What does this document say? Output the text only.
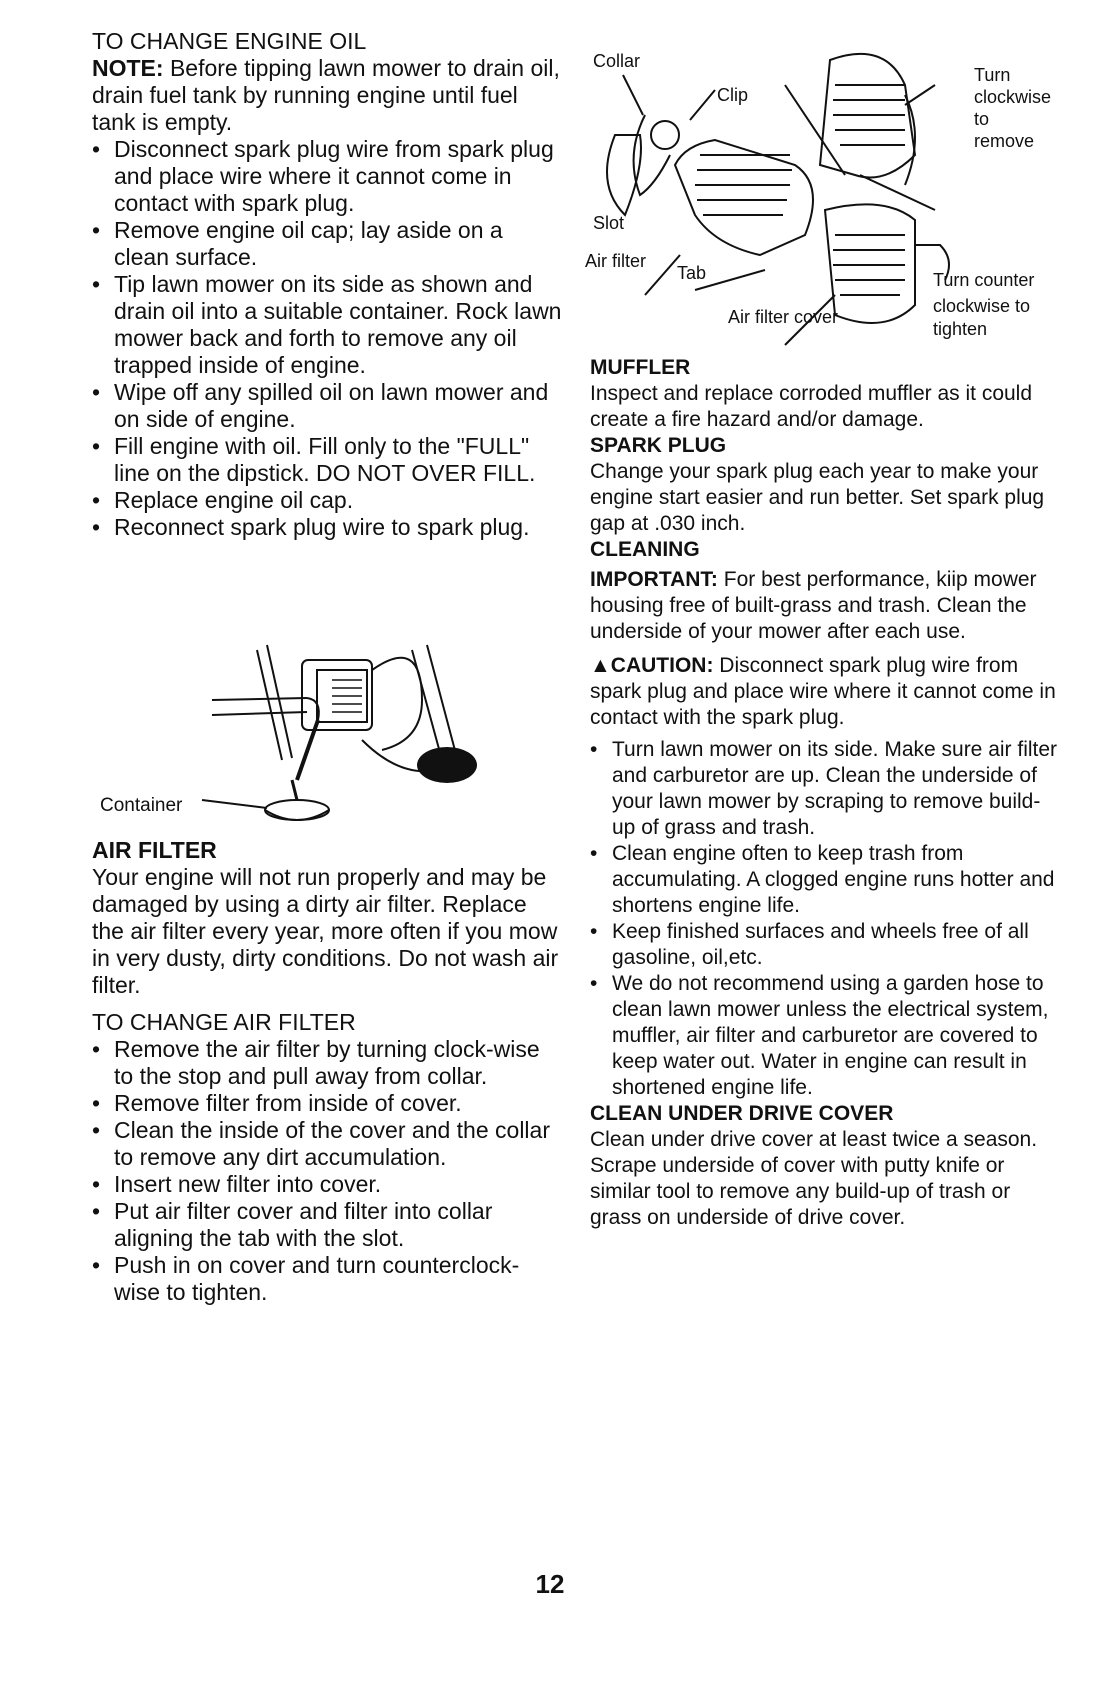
TO CHANGE ENGINE OIL

NOTE: Before tipping lawn mower to drain oil, drain fuel tank by running engine until fuel tank is empty.

• Disconnect spark plug wire from spark plug and place wire where it cannot come in contact with spark plug.
• Remove engine oil cap; lay aside on a clean surface.
• Tip lawn mower on its side as shown and drain oil into a suitable container. Rock lawn mower back and forth to remove any oil trapped inside of engine.
• Wipe off any spilled oil on lawn mower and on side of engine.
• Fill engine with oil. Fill only to the "FULL" line on the dipstick. DO NOT OVER FILL.
• Replace engine oil cap.
• Reconnect spark plug wire to spark plug.
Container

AIR FILTER

Your engine will not run properly and may be damaged by using a dirty air filter. Replace the air filter every year, more often if you mow in very dusty, dirty conditions. Do not wash air filter.

TO CHANGE AIR FILTER

• Remove the air filter by turning clock-wise to the stop and pull away from collar.
• Remove filter from inside of cover.
• Clean the inside of the cover and the collar to remove any dirt accumulation.
• Insert new filter into cover.
• Put air filter cover and filter into collar aligning the tab with the slot.
• Push in on cover and turn counterclock-wise to tighten.
Collar
Clip
Slot
Air filter
Tab
Air filter cover
Turn
clockwise
to
remove
Turn counter
clockwise to
tighten

MUFFLER

Inspect and replace corroded muffler as it could create a fire hazard and/or damage.

SPARK PLUG

Change your spark plug each year to make your engine start easier and run better. Set spark plug gap at .030 inch.

CLEANING

IMPORTANT: For best performance, kiip mower housing free of built-grass and trash. Clean the underside of your mower after each use.

▲CAUTION: Disconnect spark plug wire from spark plug and place wire where it cannot come in contact with the spark plug.

• Turn lawn mower on its side. Make sure air filter and carburetor are up. Clean the underside of your lawn mower by scraping to remove build-up of grass and trash.
• Clean engine often to keep trash from accumulating. A clogged engine runs hotter and shortens engine life.
• Keep finished surfaces and wheels free of all gasoline, oil,etc.
• We do not recommend using a garden hose to clean lawn mower unless the electrical system, muffler, air filter and carburetor are covered to keep water out. Water in engine can result in shortened engine life.

CLEAN UNDER DRIVE COVER

Clean under drive cover at least twice a season. Scrape underside of cover with putty knife or similar tool to remove any build-up of trash or grass on underside of drive cover.

12
